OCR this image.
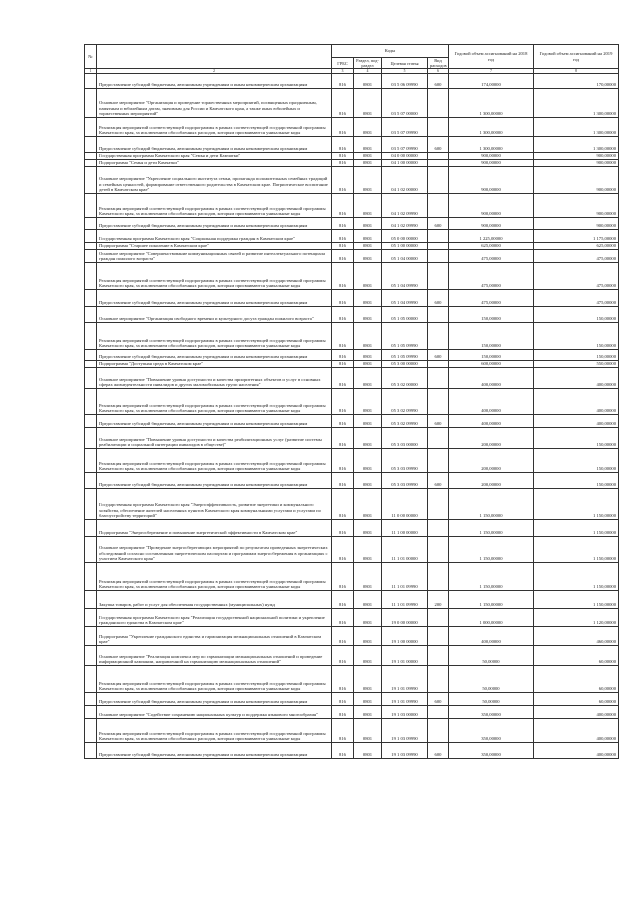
№		Коды				Годовой объем ассигнований на 2018 год	Годовой объем ассигнований на 2019 год
		ГРБС	Раздел, под-раздел	Целевая статья	Вид расходов		
1	2	3	4	5	6	7	8
	Предоставление субсидий бюджетным, автономным учреждениям и иным некоммерческим организациям	816	0801	03 5 06 09990	600	174,00000	170,00000
	Основное мероприятие "Организация и проведение торжественных мероприятий, посвященных праздничным, памятным и юбилейным датам, значимым для России и Камчатского края, а также иных юбилейных и торжественных мероприятий"	816	0801	03 5 07 00000		1 300,00000	1 300,00000
	Реализация мероприятий соответствующей подпрограммы в рамках соответствующей государственной программы Камчатского края, за исключением обособленных расходов, которым присваиваются уникальные коды	816	0801	03 5 07 09990		1 300,00000	1 300,00000
	Предоставление субсидий бюджетным, автономным учреждениям и иным некоммерческим организациям	816	0801	03 5 07 09990	600	1 300,00000	1 300,00000
	Государственная программа Камчатского края "Семья и дети Камчатки"	816	0801	04 0 00 00000		900,00000	900,00000
	Подпрограмма "Семья и дети Камчатки"	816	0801	04 1 00 00000		900,00000	900,00000
	Основное мероприятие "Укрепление социального института семьи, пропаганда положительных семейных традиций и семейных ценностей, формирование ответственного родительства в Камчатском крае. Патриотическое воспитание детей в Камчатском крае"	816	0801	04 1 02 00000		900,00000	900,00000
	Реализация мероприятий соответствующей подпрограммы в рамках соответствующей государственной программы Камчатского края, за исключением обособленных расходов, которым присваиваются уникальные коды	816	0801	04 1 02 09990		900,00000	900,00000
	Предоставление субсидий бюджетным, автономным учреждениям и иным некоммерческим организациям	816	0801	04 1 02 09990	600	900,00000	900,00000
	Государственная программа Камчатского края "Социальная поддержка граждан в Камчатском крае"	816	0801	05 0 00 00000		1 225,00000	1 175,00000
	Подпрограмма "Старшее поколение в Камчатском крае"	816	0801	05 1 00 00000		625,00000	625,00000
	Основное мероприятие "Совершенствование коммуникационных связей и развитие интеллектуального потенциала граждан пожилого возраста"	816	0801	05 1 04 00000		475,00000	475,00000
	Реализация мероприятий соответствующей подпрограммы в рамках соответствующей государственной программы Камчатского края, за исключением обособленных расходов, которым присваиваются уникальные коды	816	0801	05 1 04 09990		475,00000	475,00000
	Предоставление субсидий бюджетным, автономным учреждениям и иным некоммерческим организациям	816	0801	05 1 04 09990	600	475,00000	475,00000
	Основное мероприятие "Организация свободного времени и культурного досуга граждан пожилого возраста"	816	0801	05 1 05 00000		150,00000	150,00000
	Реализация мероприятий соответствующей подпрограммы в рамках соответствующей государственной программы Камчатского края, за исключением обособленных расходов, которым присваиваются уникальные коды	816	0801	05 1 05 09990		150,00000	150,00000
	Предоставление субсидий бюджетным, автономным учреждениям и иным некоммерческим организациям	816	0801	05 1 05 09990	600	150,00000	150,00000
	Подпрограмма "Доступная среда в Камчатском крае"	816	0801	05 3 00 00000		600,00000	550,00000
	Основное мероприятие "Повышение уровня доступности и качества приоритетных объектов и услуг в основных сферах жизнедеятельности инвалидов и других маломобильных групп населения"	816	0801	05 3 02 00000		400,00000	400,00000
	Реализация мероприятий соответствующей подпрограммы в рамках соответствующей государственной программы Камчатского края, за исключением обособленных расходов, которым присваиваются уникальные коды	816	0801	05 3 02 09990		400,00000	400,00000
	Предоставление субсидий бюджетным, автономным учреждениям и иным некоммерческим организациям	816	0801	05 3 02 09990	600	400,00000	400,00000
	Основное мероприятие "Повышение уровня доступности и качества реабилитационных услуг (развитие системы реабилитации и социальной интеграции инвалидов в обществе)"	816	0801	05 3 03 00000		200,00000	150,00000
	Реализация мероприятий соответствующей подпрограммы в рамках соответствующей государственной программы Камчатского края, за исключением обособленных расходов, которым присваиваются уникальные коды	816	0801	05 3 03 09990		200,00000	150,00000
	Предоставление субсидий бюджетным, автономным учреждениям и иным некоммерческим организациям	816	0801	05 3 03 09990	600	200,00000	150,00000
	Государственная программа Камчатского края "Энергоэффективность, развитие энергетики и коммунального хозяйства, обеспечение жителей населенных пунктов Камчатского края коммунальными услугами и услугами по благоустройству территорий"	816	0801	11 0 00 00000		1 150,00000	1 150,00000
	Подпрограмма "Энергосбережение и повышение энергетической эффективности в Камчатском крае"	816	0801	11 1 00 00000		1 150,00000	1 150,00000
	Основное мероприятие "Проведение энергосберегающих мероприятий по результатам проведенных энергетических обследований согласно составленным энергетическим паспортам и программам энергосбережения в организациях с участием Камчатского края"	816	0801	11 1 01 00000		1 150,00000	1 150,00000
	Реализация мероприятий соответствующей подпрограммы в рамках соответствующей государственной программы Камчатского края, за исключением обособленных расходов, которым присваиваются уникальные коды	816	0801	11 1 01 09990		1 150,00000	1 150,00000
	Закупка товаров, работ и услуг для обеспечения государственных (муниципальных) нужд	816	0801	11 1 01 09990	200	1 150,00000	1 150,00000
	Государственная программа Камчатского края "Реализация государственной национальной политики и укрепление гражданского единства в Камчатском крае"	816	0801	19 0 00 00000		1 000,00000	1 120,00000
	Подпрограмма "Укрепление гражданского единства и гармонизация межнациональных отношений в Камчатском крае"	816	0801	19 1 00 00000		400,00000	460,00000
	Основное мероприятие "Реализация комплекса мер по гармонизации межнациональных отношений и проведение информационной кампании, направленной на гармонизацию межнациональных отношений"	816	0801	19 1 01 00000		50,00000	60,00000
	Реализация мероприятий соответствующей подпрограммы в рамках соответствующей государственной программы Камчатского края, за исключением обособленных расходов, которым присваиваются уникальные коды	816	0801	19 1 01 09990		50,00000	60,00000
	Предоставление субсидий бюджетным, автономным учреждениям и иным некоммерческим организациям	816	0801	19 1 01 09990	600	50,00000	60,00000
	Основное мероприятие "Содействие сохранению национальных культур и поддержка языкового многообразия"	816	0801	19 1 03 00000		350,00000	400,00000
	Реализация мероприятий соответствующей подпрограммы в рамках соответствующей государственной программы Камчатского края, за исключением обособленных расходов, которым присваиваются уникальные коды	816	0801	19 1 03 09990		350,00000	400,00000
	Предоставление субсидий бюджетным, автономным учреждениям и иным некоммерческим организациям	816	0801	19 1 03 09990	600	350,00000	400,00000
